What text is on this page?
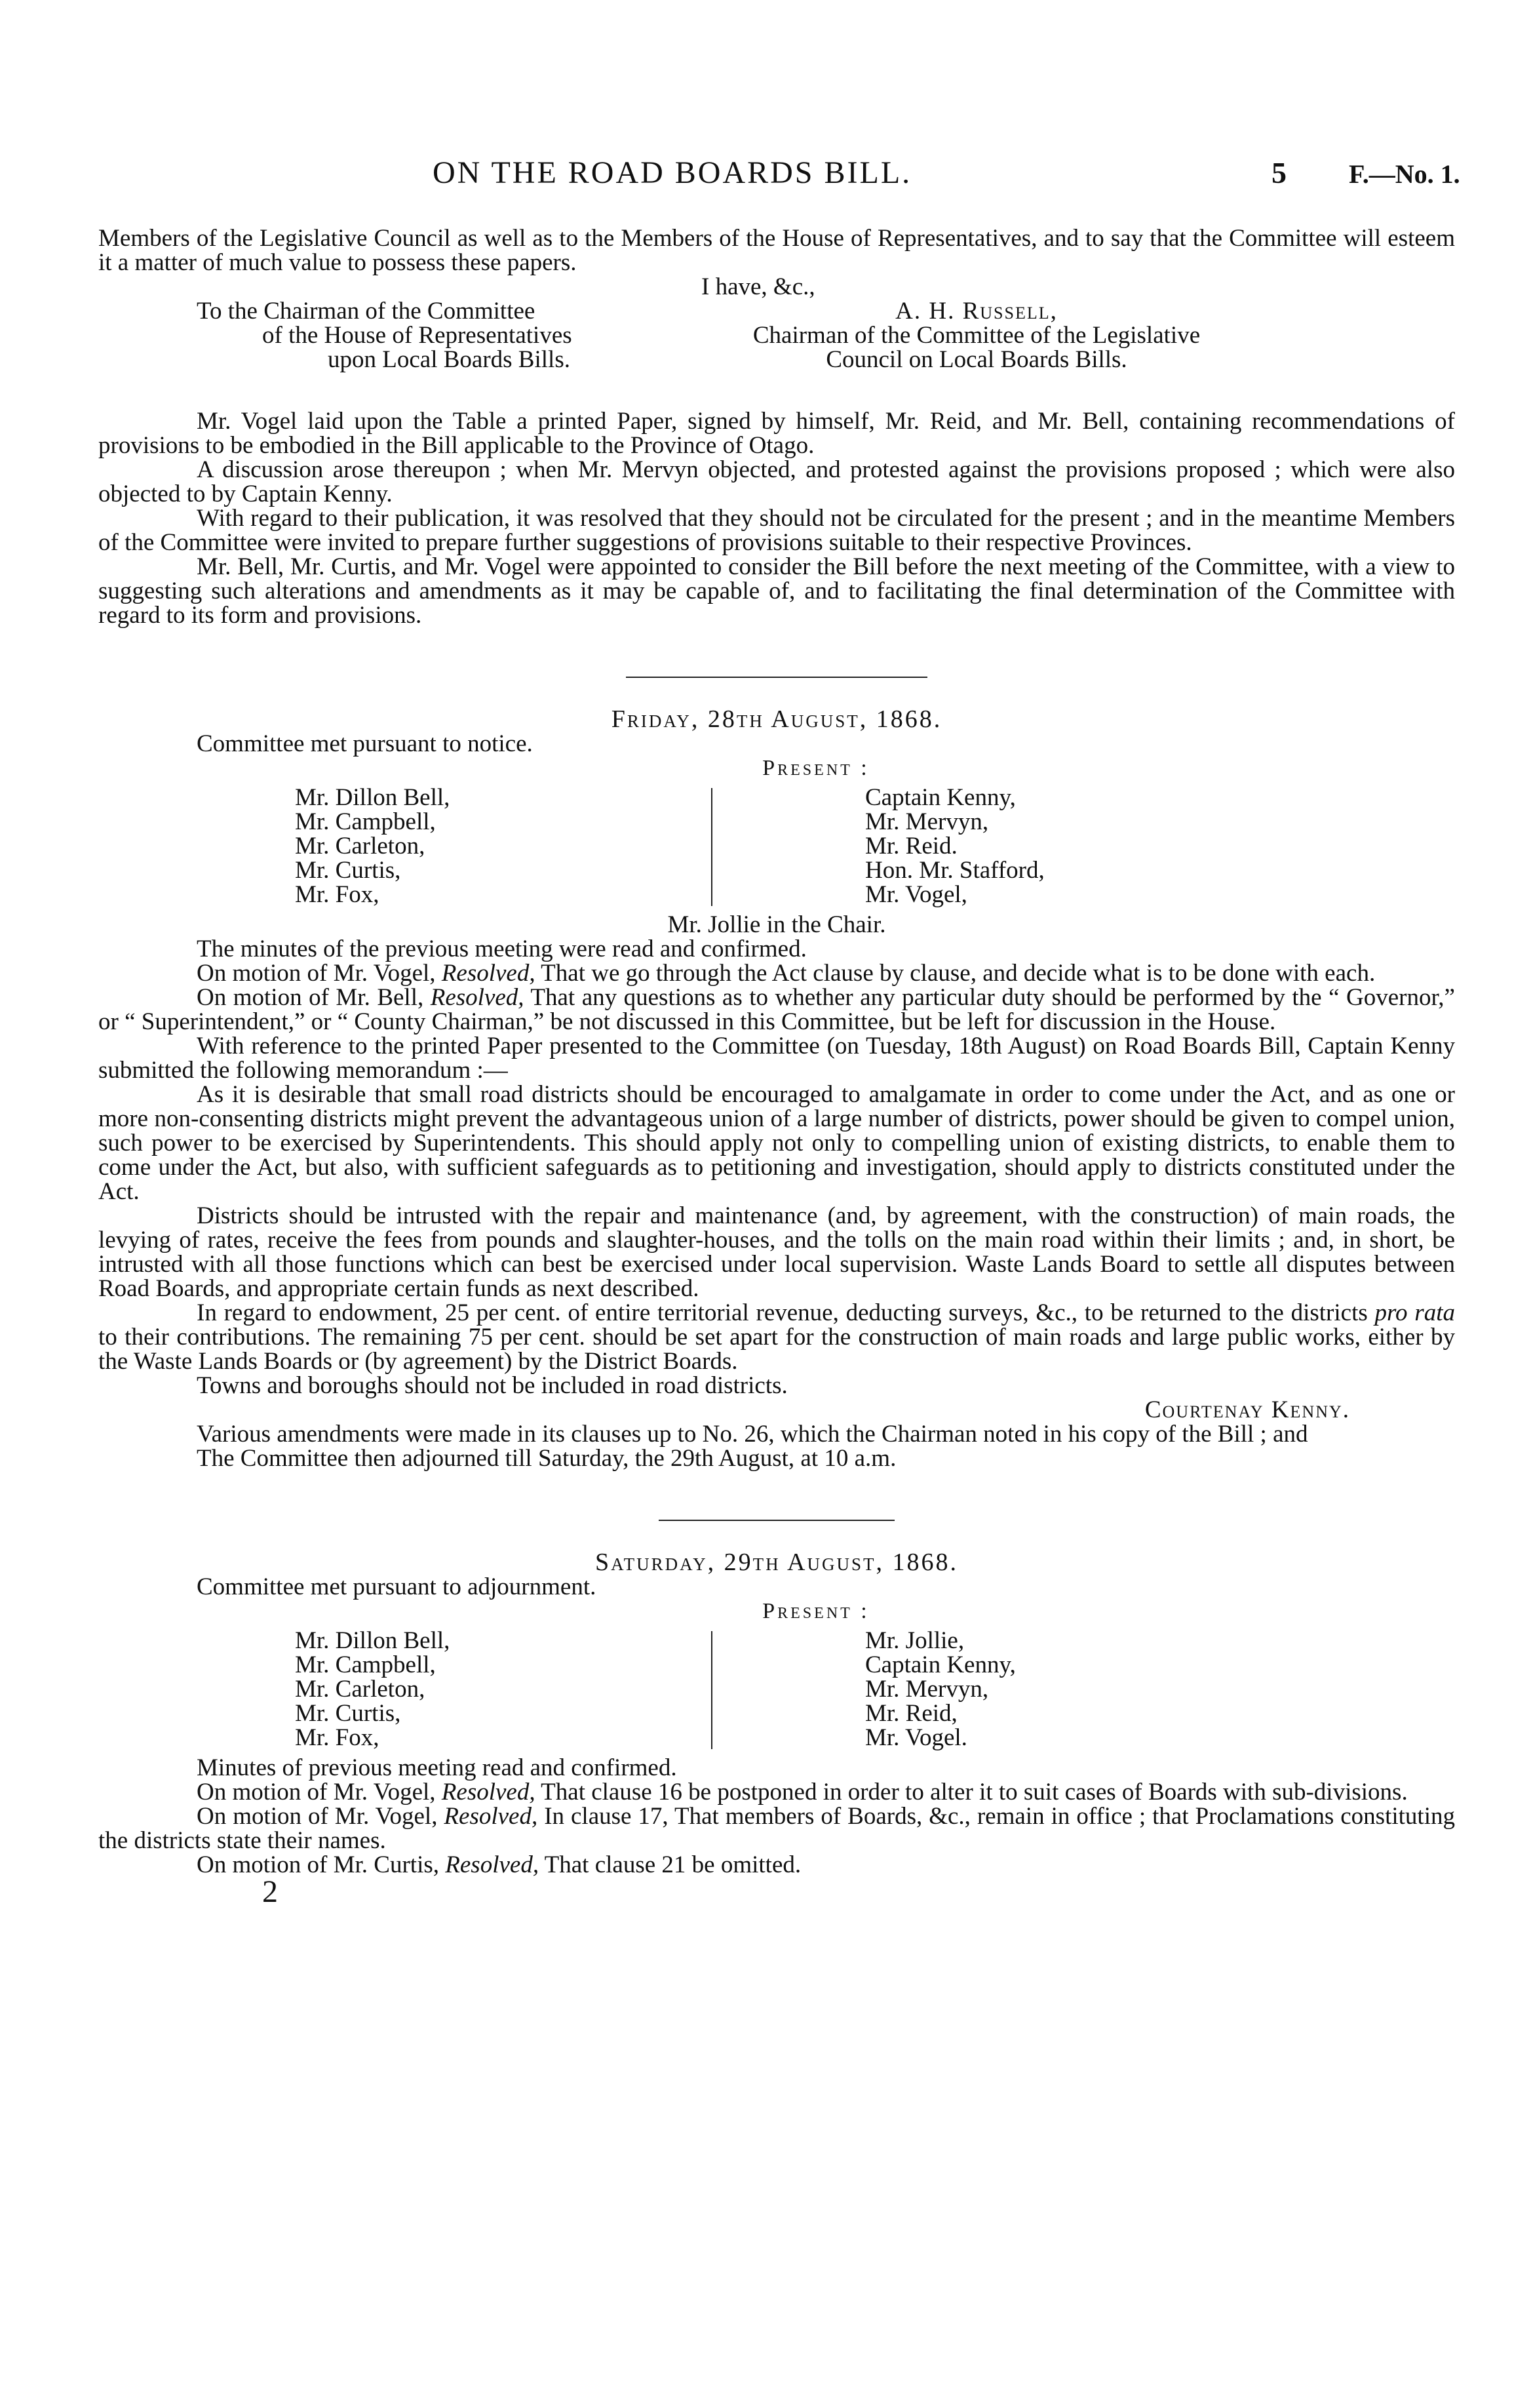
ON THE ROAD BOARDS BILL.	5 F.—No. 1.

Members of the Legislative Council as well as to the Members of the House of Representatives, and to say that the Committee will esteem it a matter of much value to possess these papers.

I have, &c.,
To the Chairman of the Committee
of the House of Representatives
upon Local Boards Bills.
A. H. Russell,
Chairman of the Committee of the Legislative
Council on Local Boards Bills.

Mr. Vogel laid upon the Table a printed Paper, signed by himself, Mr. Reid, and Mr. Bell, containing recommendations of provisions to be embodied in the Bill applicable to the Province of Otago.

A discussion arose thereupon ; when Mr. Mervyn objected, and protested against the provisions proposed ; which were also objected to by Captain Kenny.

With regard to their publication, it was resolved that they should not be circulated for the present ; and in the meantime Members of the Committee were invited to prepare further suggestions of provisions suitable to their respective Provinces.

Mr. Bell, Mr. Curtis, and Mr. Vogel were appointed to consider the Bill before the next meeting of the Committee, with a view to suggesting such alterations and amendments as it may be capable of, and to facilitating the final determination of the Committee with regard to its form and provisions.

Friday, 28th August, 1868.

Committee met pursuant to notice.

Present :
Mr. Dillon Bell,
Mr. Campbell,
Mr. Carleton,
Mr. Curtis,
Mr. Fox,
Captain Kenny,
Mr. Mervyn,
Mr. Reid.
Hon. Mr. Stafford,
Mr. Vogel,
Mr. Jollie in the Chair.

The minutes of the previous meeting were read and confirmed.

On motion of Mr. Vogel, Resolved, That we go through the Act clause by clause, and decide what is to be done with each.

On motion of Mr. Bell, Resolved, That any questions as to whether any particular duty should be performed by the “ Governor,” or “ Superintendent,” or “ County Chairman,” be not discussed in this Committee, but be left for discussion in the House.

With reference to the printed Paper presented to the Committee (on Tuesday, 18th August) on Road Boards Bill, Captain Kenny submitted the following memorandum :—

As it is desirable that small road districts should be encouraged to amalgamate in order to come under the Act, and as one or more non-consenting districts might prevent the advantageous union of a large number of districts, power should be given to compel union, such power to be exercised by Superintendents. This should apply not only to compelling union of existing districts, to enable them to come under the Act, but also, with sufficient safeguards as to petitioning and investigation, should apply to districts constituted under the Act.

Districts should be intrusted with the repair and maintenance (and, by agreement, with the construction) of main roads, the levying of rates, receive the fees from pounds and slaughter-houses, and the tolls on the main road within their limits ; and, in short, be intrusted with all those functions which can best be exercised under local supervision. Waste Lands Board to settle all disputes between Road Boards, and appropriate certain funds as next described.

In regard to endowment, 25 per cent. of entire territorial revenue, deducting surveys, &c., to be returned to the districts pro rata to their contributions. The remaining 75 per cent. should be set apart for the construction of main roads and large public works, either by the Waste Lands Boards or (by agreement) by the District Boards.

Towns and boroughs should not be included in road districts.

Courtenay Kenny.

Various amendments were made in its clauses up to No. 26, which the Chairman noted in his copy of the Bill ; and

The Committee then adjourned till Saturday, the 29th August, at 10 a.m.

Saturday, 29th August, 1868.

Committee met pursuant to adjournment.

Present :
Mr. Dillon Bell,
Mr. Campbell,
Mr. Carleton,
Mr. Curtis,
Mr. Fox,
Mr. Jollie,
Captain Kenny,
Mr. Mervyn,
Mr. Reid,
Mr. Vogel.

Minutes of previous meeting read and confirmed.

On motion of Mr. Vogel, Resolved, That clause 16 be postponed in order to alter it to suit cases of Boards with sub-divisions.

On motion of Mr. Vogel, Resolved, In clause 17, That members of Boards, &c., remain in office ; that Proclamations constituting the districts state their names.

On motion of Mr. Curtis, Resolved, That clause 21 be omitted.

2
